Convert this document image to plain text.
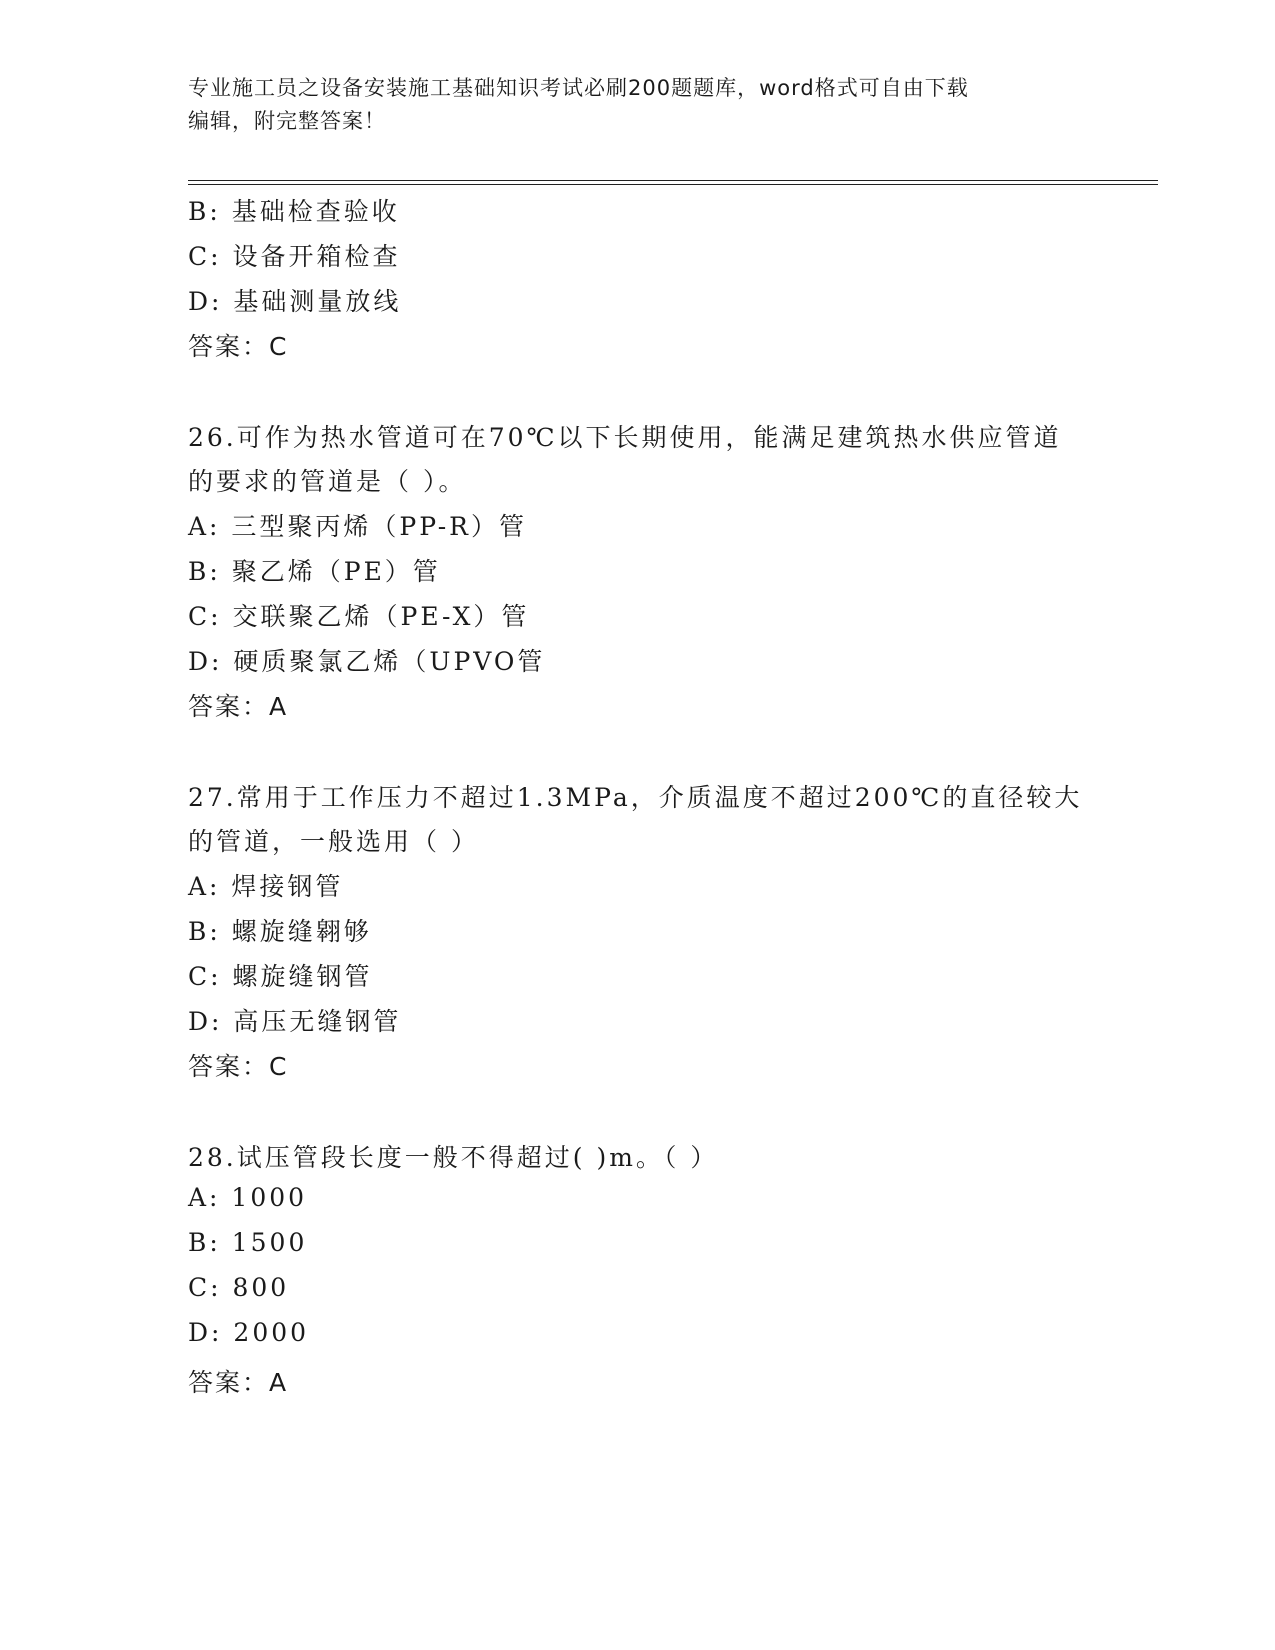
专业施工员之设备安装施工基础知识考试必刷200题题库，word格式可自由下载
编辑，附完整答案！
B: 基础检查验收
C: 设备开箱检查
D: 基础测量放线
答案：C
26.可作为热水管道可在70℃以下长期使用，能满足建筑热水供应管道
的要求的管道是（ ）。
A: 三型聚丙烯（PP-R）管
B: 聚乙烯（PE）管
C: 交联聚乙烯（PE-X）管
D: 硬质聚氯乙烯（UPVO管
答案：A
27.常用于工作压力不超过1.3MPa，介质温度不超过200℃的直径较大
的管道，一般选用（ ）
A: 焊接钢管
B: 螺旋缝翱够
C: 螺旋缝钢管
D: 高压无缝钢管
答案：C
28.试压管段长度一般不得超过( )m。（ ）
A: 1000
B: 1500
C: 800
D: 2000
答案：A
